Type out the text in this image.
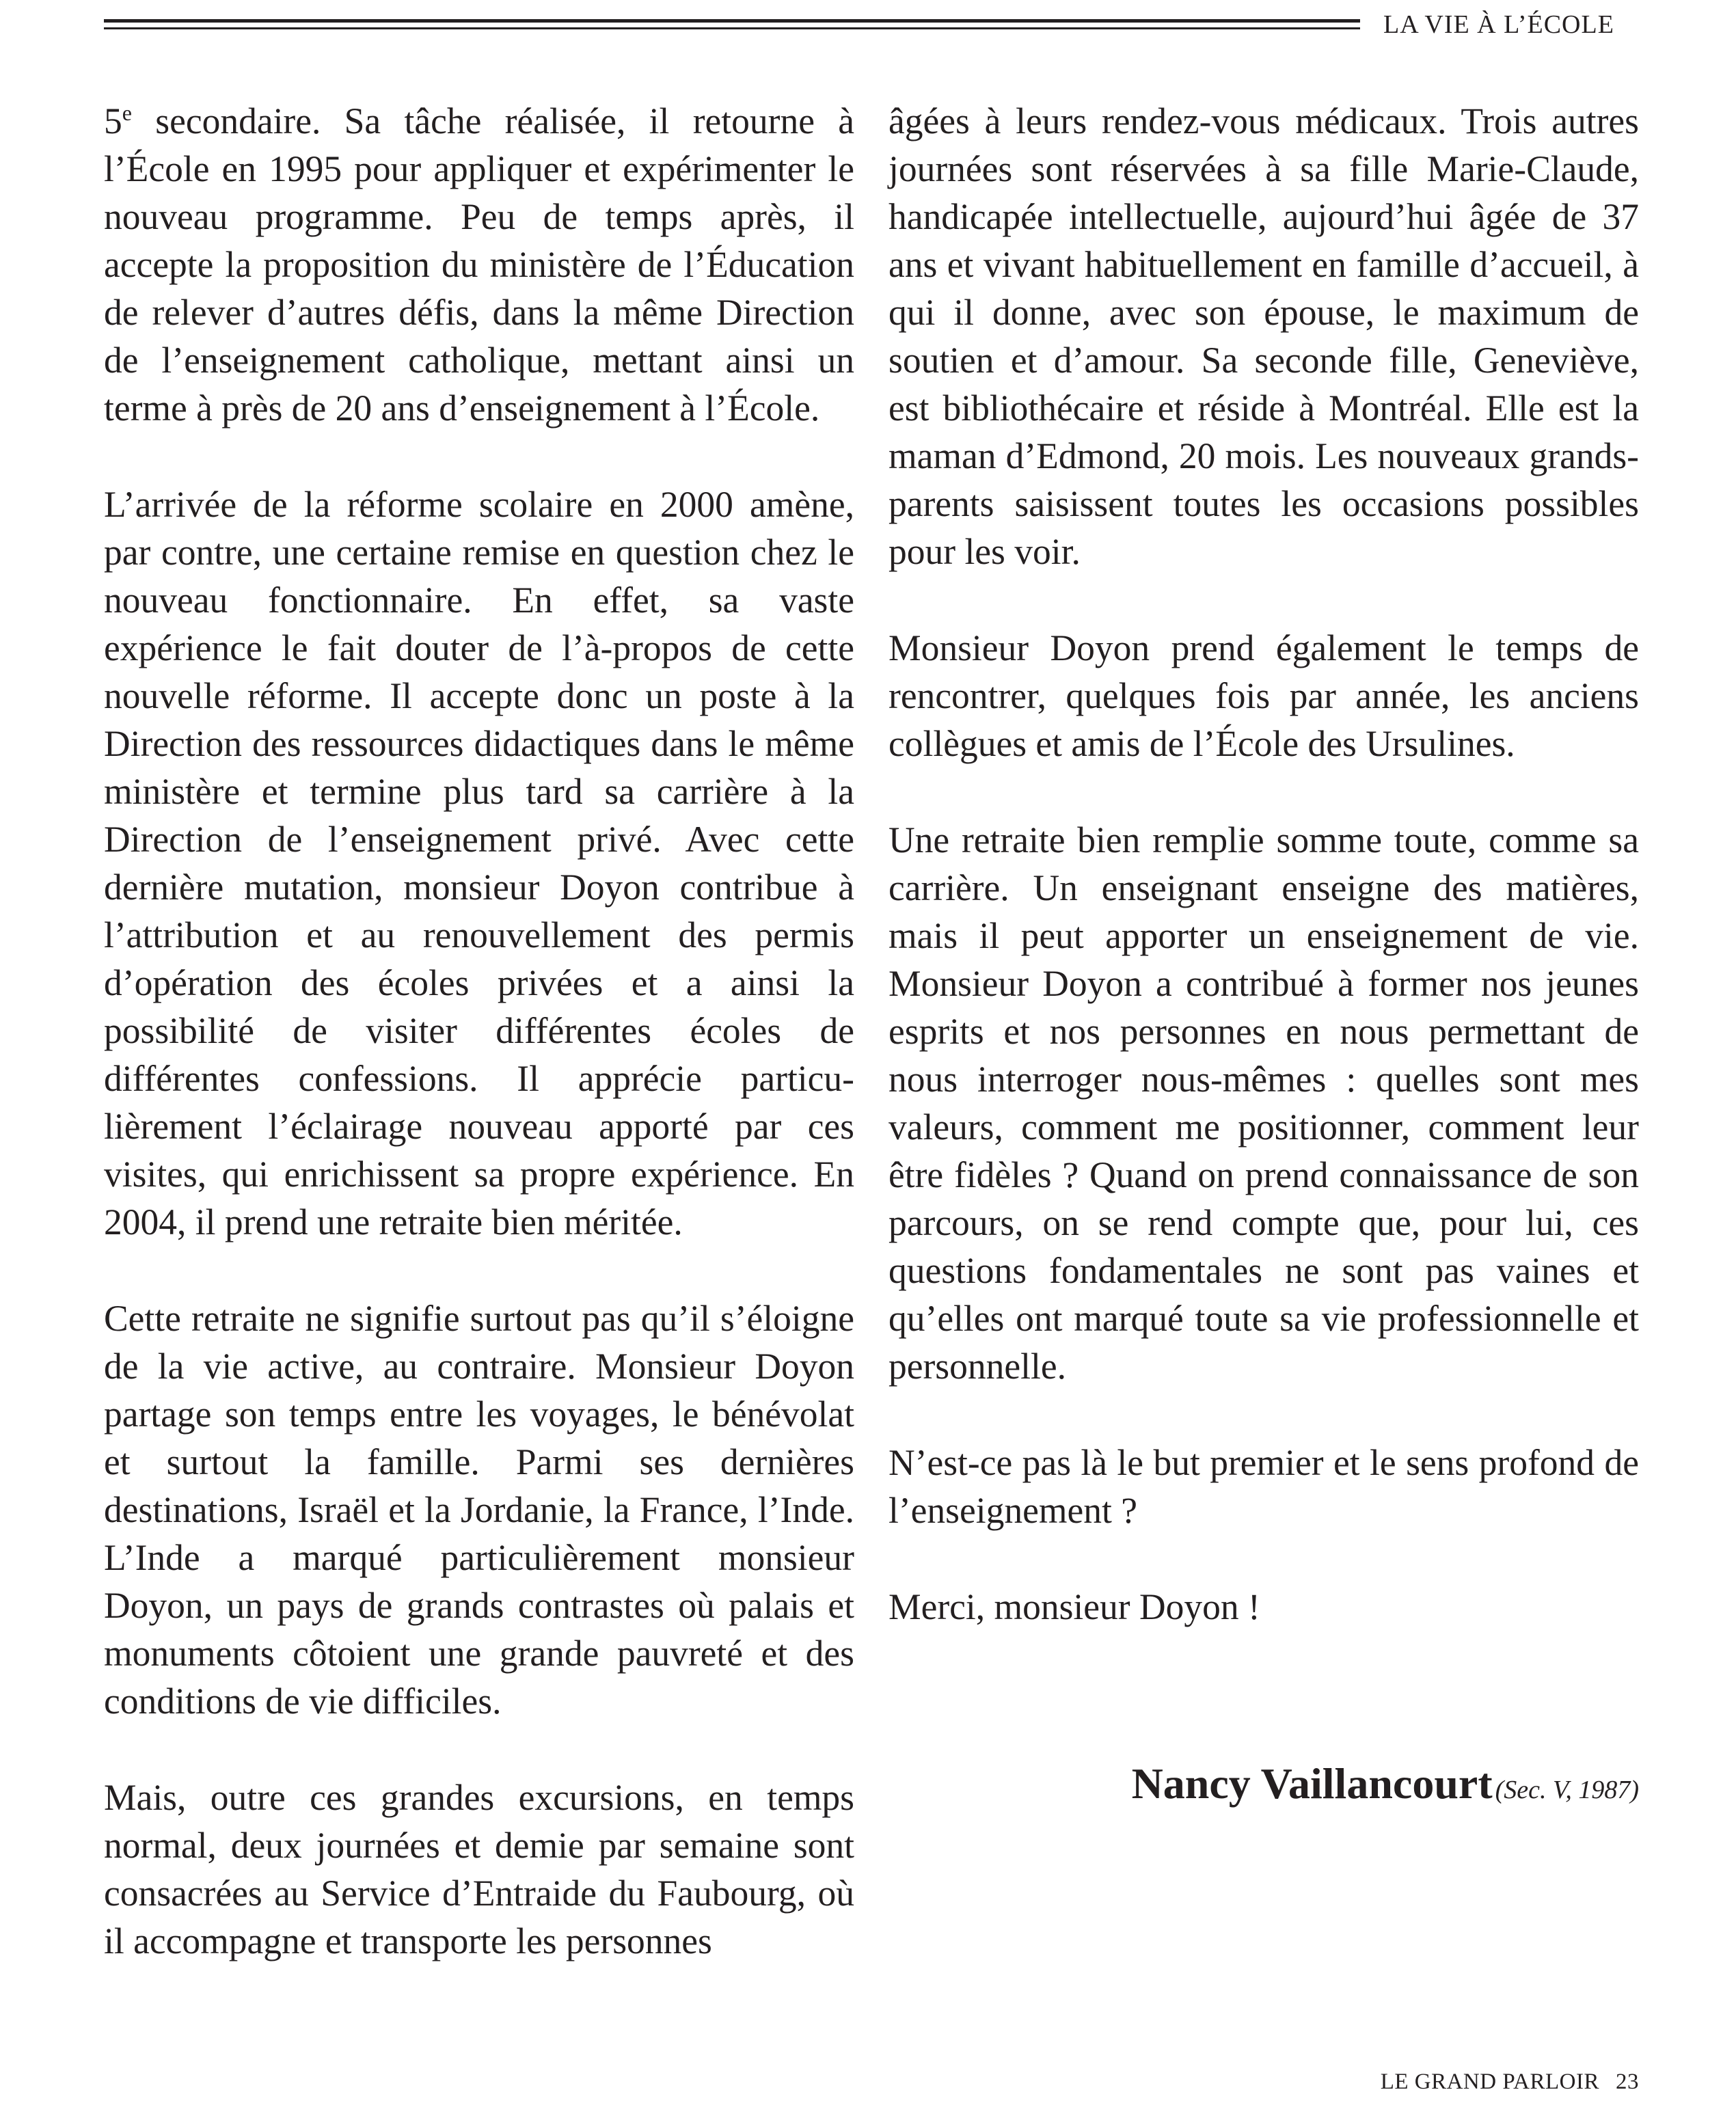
LA VIE À L’ÉCOLE

5e secondaire. Sa tâche réalisée, il retourne à l’École en 1995 pour appliquer et expérimenter le nouveau programme. Peu de temps après, il accepte la proposition du ministère de l’Éducation de relever d’autres défis, dans la même Direction de l’enseignement catholique, mettant ainsi un terme à près de 20 ans d’enseignement à l’École.

L’arrivée de la réforme scolaire en 2000 amène, par contre, une certaine remise en question chez le nouveau fonctionnaire. En effet, sa vaste expérience le fait douter de l’à-propos de cette nouvelle réforme. Il accepte donc un poste à la Direction des ressources didactiques dans le même ministère et termine plus tard sa carrière à la Direction de l’enseignement privé. Avec cette dernière mutation, monsieur Doyon contribue à l’attribution et au renouvellement des permis d’opération des écoles privées et a ainsi la possibilité de visiter différentes écoles de différentes confessions. Il apprécie particulièrement l’éclairage nouveau apporté par ces visites, qui enrichissent sa propre expérience. En 2004, il prend une retraite bien méritée.

Cette retraite ne signifie surtout pas qu’il s’éloigne de la vie active, au contraire. Monsieur Doyon partage son temps entre les voyages, le bénévolat et surtout la famille. Parmi ses dernières destinations, Israël et la Jordanie, la France, l’Inde. L’Inde a marqué particulièrement monsieur Doyon, un pays de grands contrastes où palais et monuments côtoient une grande pauvreté et des conditions de vie difficiles.

Mais, outre ces grandes excursions, en temps normal, deux journées et demie par semaine sont consacrées au Service d’Entraide du Faubourg, où il accompagne et transporte les personnes

âgées à leurs rendez-vous médicaux. Trois autres journées sont réservées à sa fille Marie-Claude, handicapée intellectuelle, aujourd’hui âgée de 37 ans et vivant habituellement en famille d’accueil, à qui il donne, avec son épouse, le maximum de soutien et d’amour. Sa seconde fille, Geneviève, est bibliothécaire et réside à Montréal. Elle est la maman d’Edmond, 20 mois. Les nouveaux grands-parents saisissent toutes les occasions possibles pour les voir.

Monsieur Doyon prend également le temps de rencontrer, quelques fois par année, les anciens collègues et amis de l’École des Ursulines.

Une retraite bien remplie somme toute, comme sa carrière. Un enseignant enseigne des matières, mais il peut apporter un enseignement de vie. Monsieur Doyon a contribué à former nos jeunes esprits et nos personnes en nous permettant de nous interroger nous-mêmes : quelles sont mes valeurs, comment me positionner, comment leur être fidèles ? Quand on prend connaissance de son parcours, on se rend compte que, pour lui, ces questions fondamentales ne sont pas vaines et qu’elles ont marqué toute sa vie professionnelle et personnelle.

N’est-ce pas là le but premier et le sens profond de l’enseignement ?

Merci, monsieur Doyon !

Nancy Vaillancourt (Sec. V, 1987)
LE GRAND PARLOIR 23
